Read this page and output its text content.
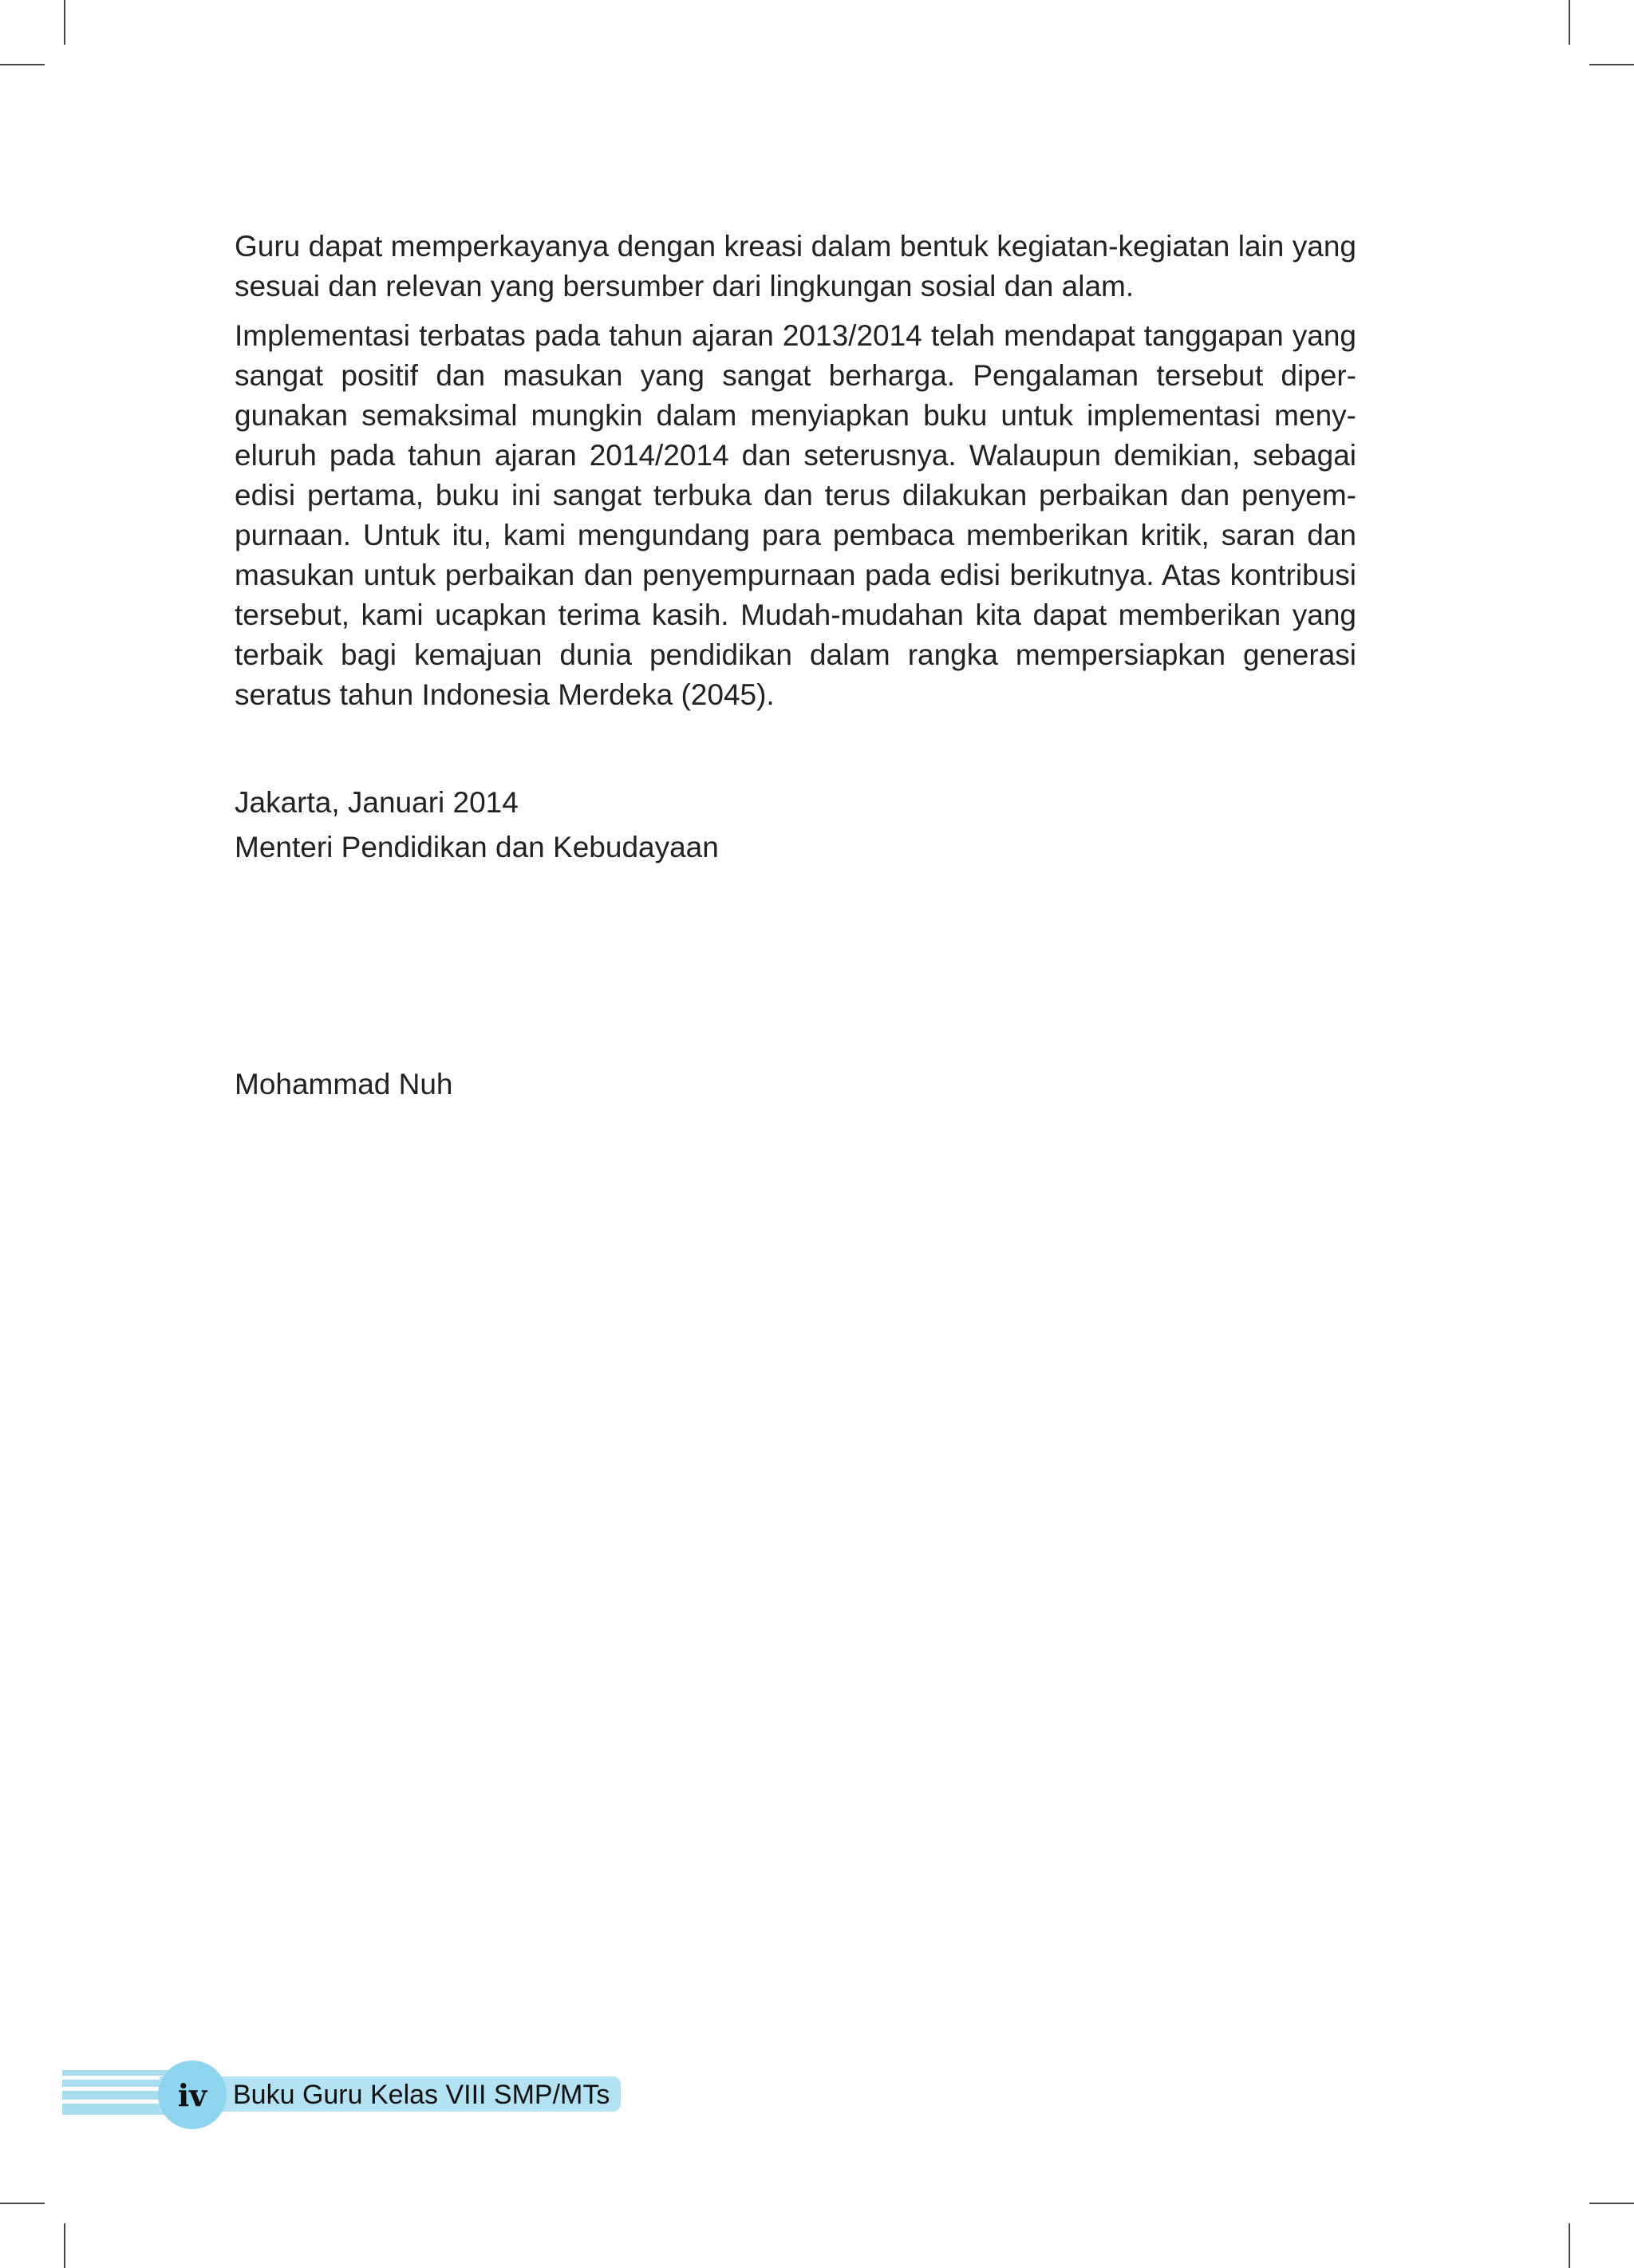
Guru dapat memperkayanya dengan kreasi dalam bentuk kegiatan-kegiatan lain yang sesuai dan relevan yang bersumber dari lingkungan sosial dan alam.

Implementasi terbatas pada tahun ajaran 2013/2014 telah mendapat tanggapan yang sangat positif dan masukan yang sangat berharga. Pengalaman tersebut dipergunakan semaksimal mungkin dalam menyiapkan buku untuk implementasi menyeluruh pada tahun ajaran 2014/2014 dan seterusnya. Walaupun demikian, sebagai edisi pertama, buku ini sangat terbuka dan terus dilakukan perbaikan dan penyempurnaan. Untuk itu, kami mengundang para pembaca memberikan kritik, saran dan masukan untuk perbaikan dan penyempurnaan pada edisi berikutnya. Atas kontribusi tersebut, kami ucapkan terima kasih. Mudah-mudahan kita dapat memberikan yang terbaik bagi kemajuan dunia pendidikan dalam rangka mempersiapkan generasi seratus tahun Indonesia Merdeka (2045).

Jakarta, Januari 2014
Menteri Pendidikan dan Kebudayaan
Mohammad Nuh
iv Buku Guru Kelas VIII SMP/MTs
